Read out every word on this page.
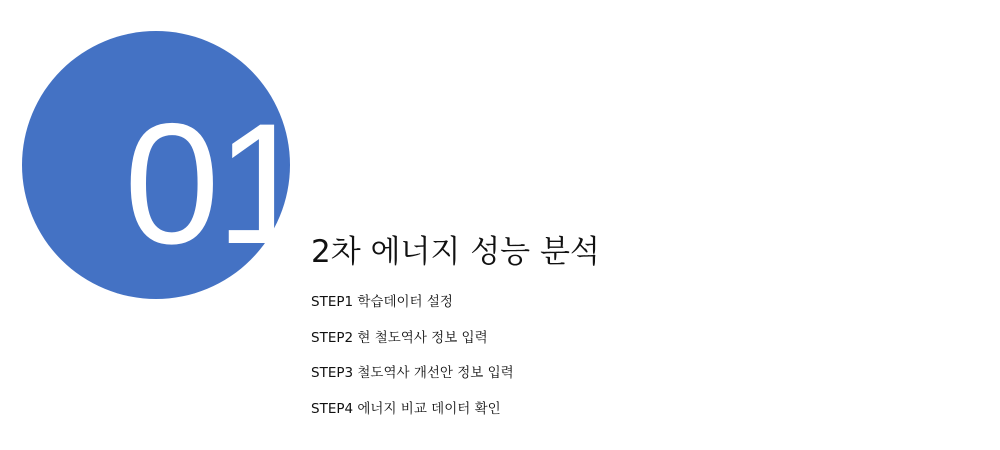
01 2차 에너지 성능 분석
STEP1 학습데이터 설정
STEP2 현 철도역사 정보 입력
STEP3 철도역사 개선안 정보 입력
STEP4 에너지 비교 데이터 확인
